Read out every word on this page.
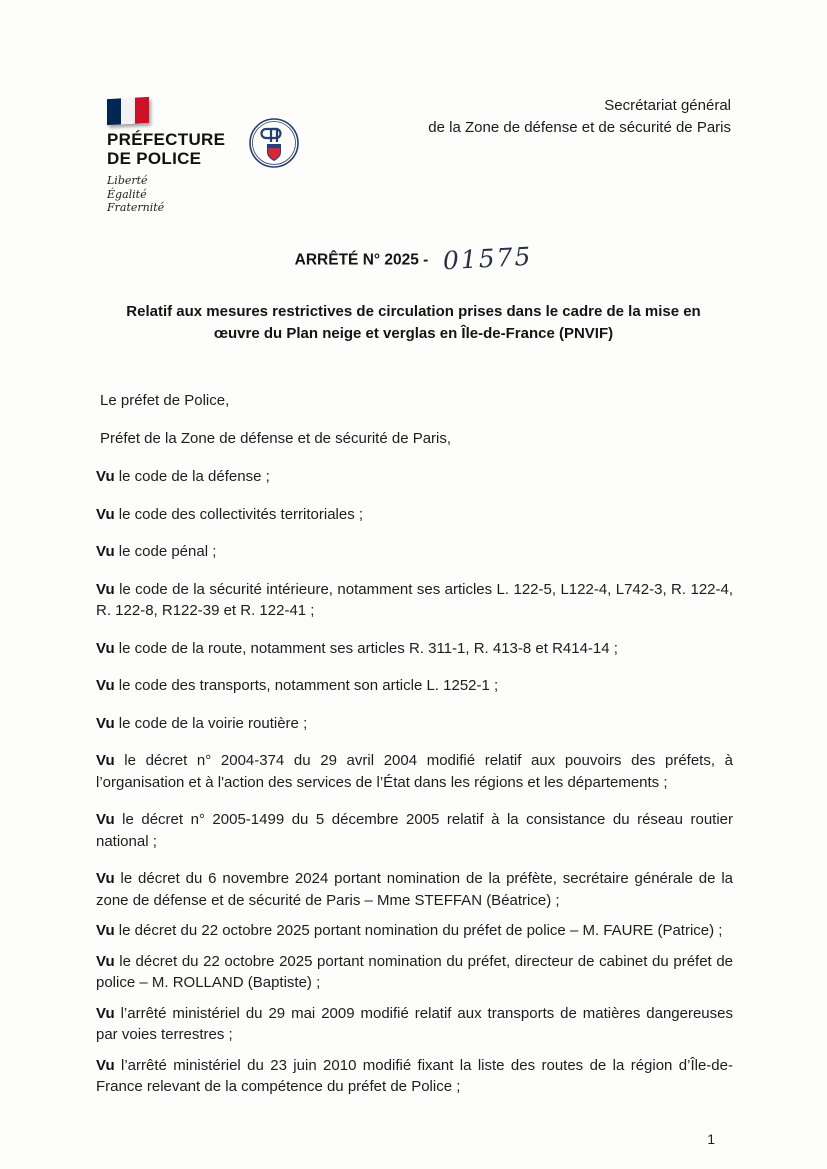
PRÉFECTURE
DE POLICE
Liberté
Égalité
Fraternité
Secrétariat général
de la Zone de défense et de sécurité de Paris
ARRÊTÉ N° 2025 - 01575
Relatif aux mesures restrictives de circulation prises dans le cadre de la mise en œuvre du Plan neige et verglas en Île-de-France (PNVIF)

Le préfet de Police,

Préfet de la Zone de défense et de sécurité de Paris,

Vu le code de la défense ;

Vu le code des collectivités territoriales ;

Vu le code pénal ;

Vu le code de la sécurité intérieure, notamment ses articles L. 122-5, L122-4, L742-3, R. 122-4, R. 122-8, R122-39 et R. 122-41 ;

Vu le code de la route, notamment ses articles R. 311-1, R. 413-8 et R414-14 ;

Vu le code des transports, notamment son article L. 1252-1 ;

Vu le code de la voirie routière ;

Vu le décret n° 2004-374 du 29 avril 2004 modifié relatif aux pouvoirs des préfets, à l’organisation et à l'action des services de l’État dans les régions et les départements ;

Vu le décret n° 2005-1499 du 5 décembre 2005 relatif à la consistance du réseau routier national ;

Vu le décret du 6 novembre 2024 portant nomination de la préfète, secrétaire générale de la zone de défense et de sécurité de Paris – Mme STEFFAN (Béatrice) ;

Vu le décret du 22 octobre 2025 portant nomination du préfet de police – M. FAURE (Patrice) ;

Vu le décret du 22 octobre 2025 portant nomination du préfet, directeur de cabinet du préfet de police – M. ROLLAND (Baptiste) ;

Vu l’arrêté ministériel du 29 mai 2009 modifié relatif aux transports de matières dangereuses par voies terrestres ;

Vu l’arrêté ministériel du 23 juin 2010 modifié fixant la liste des routes de la région d’Île-de-France relevant de la compétence du préfet de Police ;

1
